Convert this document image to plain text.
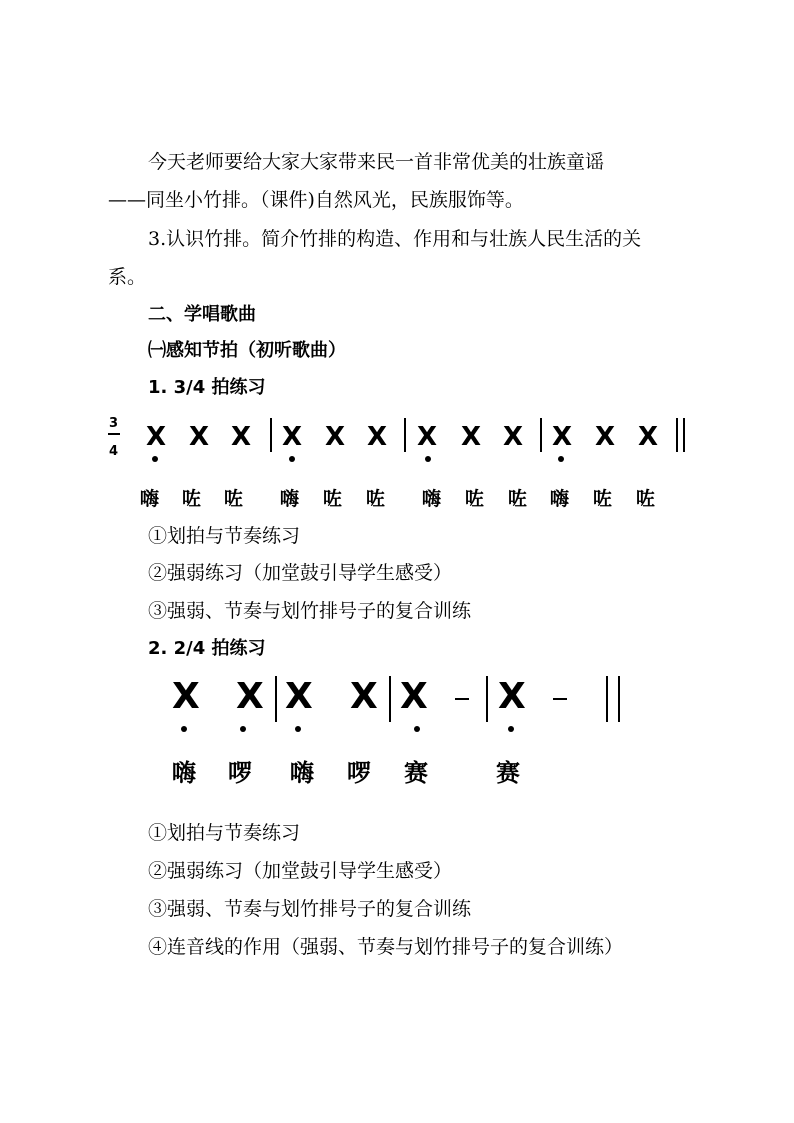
今天老师要给大家大家带来民一首非常优美的壮族童谣
——同坐小竹排。（课件)自然风光，民族服饰等。
3.认识竹排。简介竹排的构造、作用和与壮族人民生活的关
系。
二、学唱歌曲
㈠感知节拍（初听歌曲）
1. 3/4 拍练习
3
4 X X X X X X X X X X X X
嗨 咗 咗 嗨 咗 咗 嗨 咗 咗 嗨 咗 咗
①划拍与节奏练习
②强弱练习（加堂鼓引导学生感受）
③强弱、节奏与划竹排号子的复合训练
2. 2/4 拍练习
X X X X X X
嗨 啰 嗨 啰 赛	赛
①划拍与节奏练习
②强弱练习（加堂鼓引导学生感受）
③强弱、节奏与划竹排号子的复合训练
④连音线的作用（强弱、节奏与划竹排号子的复合训练）
